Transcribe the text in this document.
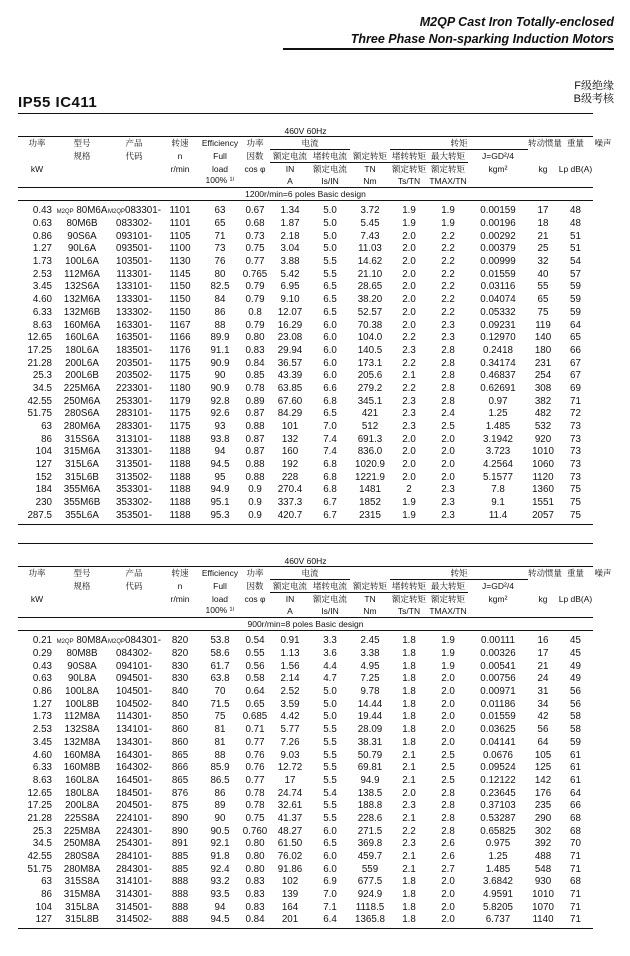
M2QP Cast Iron Totally-enclosed
Three Phase Non-sparking Induction Motors
IP55 IC411
F级绝缘
B级考核

460V 60Hz														
功率	型号	产品	转速	Efficiency	功率	电流			转矩			转动惯量	重量	噪声
	规格	代码	n	Full	因数	额定电流	堵转电流	额定转矩	堵转转矩	最大转矩	J=GD²/4			
kW			r/min	load	cos φ	IN	额定电流	TN	额定转矩	额定转矩	kgm²	kg	Lp dB(A)	
				100% ¹⁾		A	Is/IN	Nm	Ts/TN	TMAX/TN				
1200r/min=6 poles Basic design														

0.43	M2QP 80M6A	M2QP083301-	1101	63	0.67	1.34	5.0	3.72	1.9	1.9	0.00159	17	48	
0.63	80M6B	083302-	1101	65	0.68	1.87	5.0	5.45	1.9	1.9	0.00196	18	48	
0.86	90S6A	093101-	1105	71	0.73	2.18	5.0	7.43	2.0	2.2	0.00292	21	51	
1.27	90L6A	093501-	1100	73	0.75	3.04	5.0	11.03	2.0	2.2	0.00379	25	51	
1.73	100L6A	103501-	1130	76	0.77	3.88	5.5	14.62	2.0	2.2	0.00999	32	54	
2.53	112M6A	113301-	1145	80	0.765	5.42	5.5	21.10	2.0	2.2	0.01559	40	57	
3.45	132S6A	133101-	1150	82.5	0.79	6.95	6.5	28.65	2.0	2.2	0.03116	55	59	
4.60	132M6A	133301-	1150	84	0.79	9.10	6.5	38.20	2.0	2.2	0.04074	65	59	
6.33	132M6B	133302-	1150	86	0.8	12.07	6.5	52.57	2.0	2.2	0.05332	75	59	
8.63	160M6A	163301-	1167	88	0.79	16.29	6.0	70.38	2.0	2.3	0.09231	119	64	
12.65	160L6A	163501-	1166	89.9	0.80	23.08	6.0	104.0	2.2	2.3	0.12970	140	65	
17.25	180L6A	183501-	1176	91.1	0.83	29.94	6.0	140.5	2.3	2.8	0.2418	180	66	
21.28	200L6A	203501-	1175	90.9	0.84	36.57	6.0	173.1	2.2	2.8	0.34174	231	67	
25.3	200L6B	203502-	1175	90	0.85	43.39	6.0	205.6	2.1	2.8	0.46837	254	67	
34.5	225M6A	223301-	1180	90.9	0.78	63.85	6.6	279.2	2.2	2.8	0.62691	308	69	
42.55	250M6A	253301-	1179	92.8	0.89	67.60	6.8	345.1	2.3	2.8	0.97	382	71	
51.75	280S6A	283101-	1175	92.6	0.87	84.29	6.5	421	2.3	2.4	1.25	482	72	
63	280M6A	283301-	1175	93	0.88	101	7.0	512	2.3	2.5	1.485	532	73	
86	315S6A	313101-	1188	93.8	0.87	132	7.4	691.3	2.0	2.0	3.1942	920	73	
104	315M6A	313301-	1188	94	0.87	160	7.4	836.0	2.0	2.0	3.723	1010	73	
127	315L6A	313501-	1188	94.5	0.88	192	6.8	1020.9	2.0	2.0	4.2564	1060	73	
152	315L6B	313502-	1188	95	0.88	228	6.8	1221.9	2.0	2.0	5.1577	1120	73	
184	355M6A	353301-	1188	94.9	0.9	270.4	6.8	1481	2	2.3	7.8	1360	75	
230	355M6B	353302-	1188	95.1	0.9	337.3	6.7	1852	1.9	2.3	9.1	1551	75	
287.5	355L6A	353501-	1188	95.3	0.9	420.7	6.7	2315	1.9	2.3	11.4	2057	75	

460V 60Hz														
功率	型号	产品	转速	Efficiency	功率	电流			转矩			转动惯量	重量	噪声
	规格	代码	n	Full	因数	额定电流	堵转电流	额定转矩	堵转转矩	最大转矩	J=GD²/4			
kW			r/min	load	cos φ	IN	额定电流	TN	额定转矩	额定转矩	kgm²	kg	Lp dB(A)	
				100% ¹⁾		A	Is/IN	Nm	Ts/TN	TMAX/TN				
900r/min=8 poles Basic design														

0.21	M2QP 80M8A	M2QP084301-	820	53.8	0.54	0.91	3.3	2.45	1.8	1.9	0.00111	16	45	
0.29	80M8B	084302-	820	58.6	0.55	1.13	3.6	3.38	1.8	1.9	0.00326	17	45	
0.43	90S8A	094101-	830	61.7	0.56	1.56	4.4	4.95	1.8	1.9	0.00541	21	49	
0.63	90L8A	094501-	830	63.8	0.58	2.14	4.7	7.25	1.8	2.0	0.00756	24	49	
0.86	100L8A	104501-	840	70	0.64	2.52	5.0	9.78	1.8	2.0	0.00971	31	56	
1.27	100L8B	104502-	840	71.5	0.65	3.59	5.0	14.44	1.8	2.0	0.01186	34	56	
1.73	112M8A	114301-	850	75	0.685	4.42	5.0	19.44	1.8	2.0	0.01559	42	58	
2.53	132S8A	134101-	860	81	0.71	5.77	5.5	28.09	1.8	2.0	0.03625	56	58	
3.45	132M8A	134301-	860	81	0.77	7.26	5.5	38.31	1.8	2.0	0.04141	64	59	
4.60	160M8A	164301-	865	88	0.76	9.03	5.5	50.79	2.1	2.5	0.0676	105	61	
6.33	160M8B	164302-	866	85.9	0.76	12.72	5.5	69.81	2.1	2.5	0.09524	125	61	
8.63	160L8A	164501-	865	86.5	0.77	17	5.5	94.9	2.1	2.5	0.12122	142	61	
12.65	180L8A	184501-	876	86	0.78	24.74	5.4	138.5	2.0	2.8	0.23645	176	64	
17.25	200L8A	204501-	875	89	0.78	32.61	5.5	188.8	2.3	2.8	0.37103	235	66	
21.28	225S8A	224101-	890	90	0.75	41.37	5.5	228.6	2.1	2.8	0.53287	290	68	
25.3	225M8A	224301-	890	90.5	0.760	48.27	6.0	271.5	2.2	2.8	0.65825	302	68	
34.5	250M8A	254301-	891	92.1	0.80	61.50	6.5	369.8	2.3	2.6	0.975	392	70	
42.55	280S8A	284101-	885	91.8	0.80	76.02	6.0	459.7	2.1	2.6	1.25	488	71	
51.75	280M8A	284301-	885	92.4	0.80	91.86	6.0	559	2.1	2.7	1.485	548	71	
63	315S8A	314101-	888	93.2	0.83	102	6.9	677.5	1.8	2.0	3.6842	930	68	
86	315M8A	314301-	888	93.5	0.83	139	7.0	924.9	1.8	2.0	4.9591	1010	71	
104	315L8A	314501-	888	94	0.83	164	7.1	1118.5	1.8	2.0	5.8205	1070	71	
127	315L8B	314502-	888	94.5	0.84	201	6.4	1365.8	1.8	2.0	6.737	1140	71	
